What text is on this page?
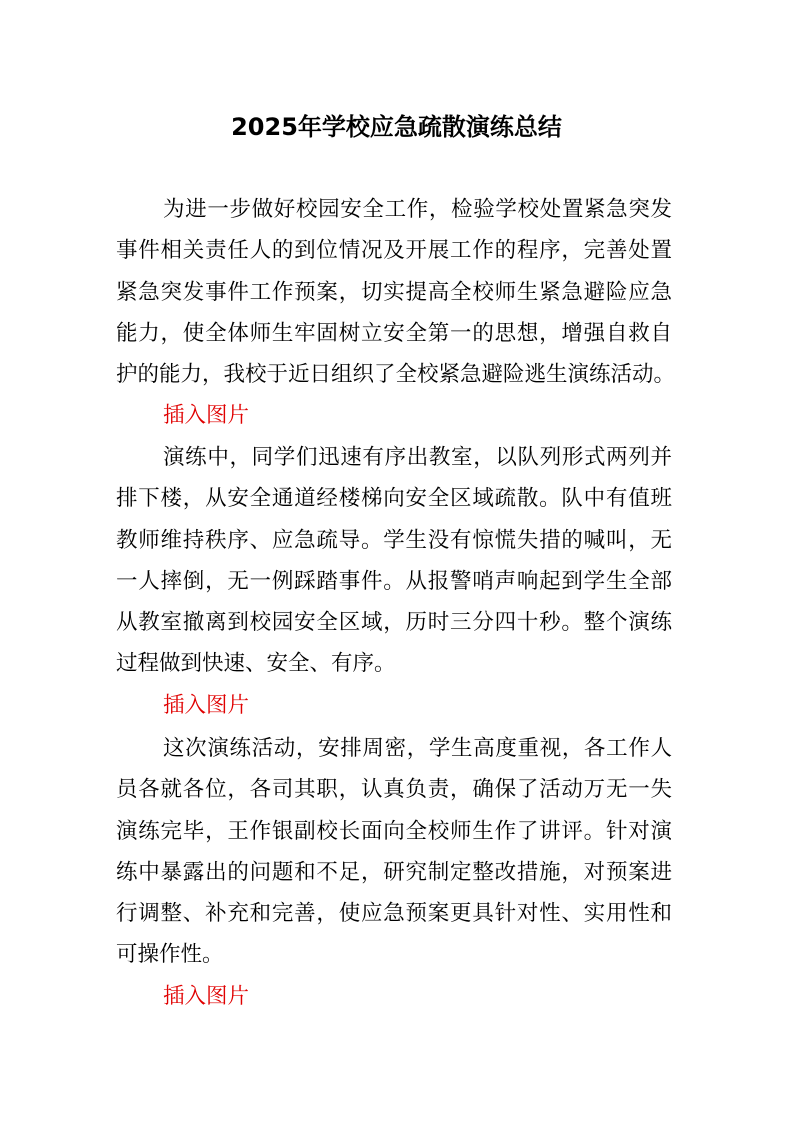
2025年学校应急疏散演练总结
为进一步做好校园安全工作，检验学校处置紧急突发
事件相关责任人的到位情况及开展工作的程序，完善处置
紧急突发事件工作预案，切实提高全校师生紧急避险应急
能力，使全体师生牢固树立安全第一的思想，增强自救自
护的能力，我校于近日组织了全校紧急避险逃生演练活动。
插入图片
演练中，同学们迅速有序出教室，以队列形式两列并
排下楼，从安全通道经楼梯向安全区域疏散。队中有值班
教师维持秩序、应急疏导。学生没有惊慌失措的喊叫，无
一人摔倒，无一例踩踏事件。从报警哨声响起到学生全部
从教室撤离到校园安全区域，历时三分四十秒。整个演练
过程做到快速、安全、有序。
插入图片
这次演练活动，安排周密，学生高度重视，各工作人
员各就各位，各司其职，认真负责，确保了活动万无一失
演练完毕，王作银副校长面向全校师生作了讲评。针对演
练中暴露出的问题和不足，研究制定整改措施，对预案进
行调整、补充和完善，使应急预案更具针对性、实用性和
可操作性。
插入图片
